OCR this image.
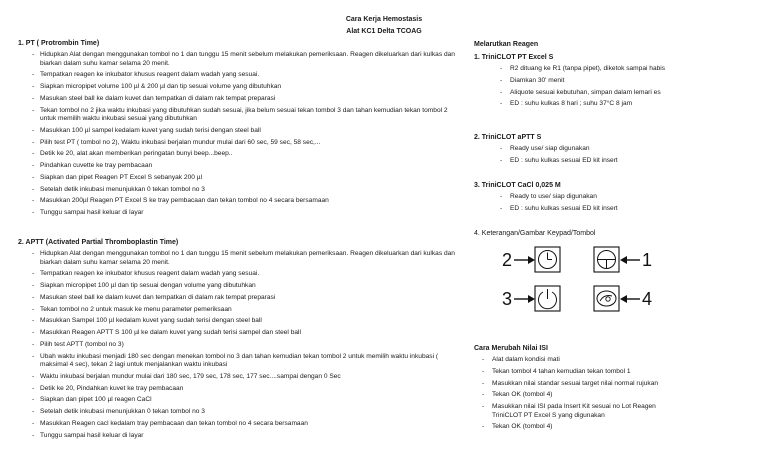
Cara Kerja Hemostasis
Alat KC1 Delta TCOAG

1. PT ( Protrombin Time)

- Hidupkan Alat dengan menggunakan tombol no 1 dan tunggu 15 menit sebelum melakukan pemeriksaan. Reagen dikeluarkan dari kulkas dan biarkan dalam suhu kamar selama 20 menit.
- Tempatkan reagen ke inkubator khusus reagent dalam wadah yang sesuai.
- Siapkan micropipet volume 100 µl & 200 µl dan tip sesuai volume yang dibutuhkan
- Masukan steel ball ke dalam kuvet dan tempatkan di dalam rak tempat preparasi
- Tekan tombol no 2 jika waktu inkubasi yang dibutuhkan sudah sesuai, jika belum sesuai tekan tombol 3 dan tahan kemudian tekan tombol 2 untuk memilih waktu inkubasi sesuai yang dibutuhkan
- Masukkan 100 µl sampel kedalam kuvet yang sudah terisi dengan steel ball
- Pilih test PT ( tombol no 2), Waktu inkubasi berjalan mundur mulai dari 60 sec, 59 sec, 58 sec,...
- Detik ke 20, alat akan memberikan peringatan bunyi beep...beep..
- Pindahkan cuvette ke tray pembacaan
- Siapkan dan pipet Reagen PT Excel S sebanyak 200 µl
- Setelah detik inkubasi menunjukkan 0 tekan tombol no 3
- Masukkan 200µl Reagen PT Excel S ke tray pembacaan dan tekan tombol no 4 secara bersamaan
- Tunggu sampai hasil keluar di layar

2. APTT (Activated Partial Thromboplastin Time)

- Hidupkan Alat dengan menggunakan tombol no 1 dan tunggu 15 menit sebelum melakukan pemeriksaan. Reagen dikeluarkan dari kulkas dan biarkan dalam suhu kamar selama 20 menit.
- Tempatkan reagen ke inkubator khusus reagent dalam wadah yang sesuai.
- Siapkan micropipet 100 µl dan tip sesuai dengan volume yang dibutuhkan
- Masukan steel ball ke dalam kuvet dan tempatkan di dalam rak tempat preparasi
- Tekan tombol no 2 untuk masuk ke menu parameter pemeriksaan
- Masukkan Sampel 100 µl kedalam kuvet yang sudah terisi dengan steel ball
- Masukkan Reagen APTT S 100 µl ke dalam kuvet yang sudah terisi sampel dan steel ball
- Pilih test APTT (tombol no 3)
- Ubah waktu inkubasi menjadi 180 sec dengan menekan tombol no 3 dan tahan kemudian tekan tombol 2 untuk memilih waktu inkubasi ( maksimal 4 sec), tekan 2 lagi untuk menjalankan waktu inkubasi
- Waktu inkubasi berjalan mundur mulai dari 180 sec, 179 sec, 178 sec, 177 sec....sampai dengan 0 Sec
- Detik ke 20, Pindahkan kuvet ke tray pembacaan
- Siapkan dan pipet 100 µl reagen CaCl
- Setelah detik inkubasi menunjukkan 0 tekan tombol no 3
- Masukkan Reagen cacl kedalam tray pembacaan dan tekan tombol no 4 secara bersamaan
- Tunggu sampai hasil keluar di layar
Melarutkan Reagen
1. TriniCLOT PT Excel S
- R2 dituang ke R1 (tanpa pipet), diketok sampai habis
- Diamkan 30' menit
- Aliquote sesuai kebutuhan, simpan dalam lemari es
- ED : suhu kulkas 8 hari ; suhu 37°C 8 jam
2. TriniCLOT aPTT S
- Ready use/ siap digunakan
- ED : suhu kulkas sesuai ED kit insert
3. TriniCLOT CaCl 0,025 M
- Ready to use/ siap digunakan
- ED : suhu kulkas sesuai ED kit insert
4. Keterangan/Gambar Keypad/Tombol
2	1
3	4
Cara Merubah Nilai ISI
- Alat dalam kondisi mati
- Tekan tombol 4 tahan kemudian tekan tombol 1
- Masukkan nilai standar sesuai target nilai normal rujukan
- Tekan OK (tombol 4)
- Masukkan nilai ISI pada Insert Kit sesuai no Lot Reagen TriniCLOT PT Excel S yang digunakan
- Tekan OK (tombol 4)
